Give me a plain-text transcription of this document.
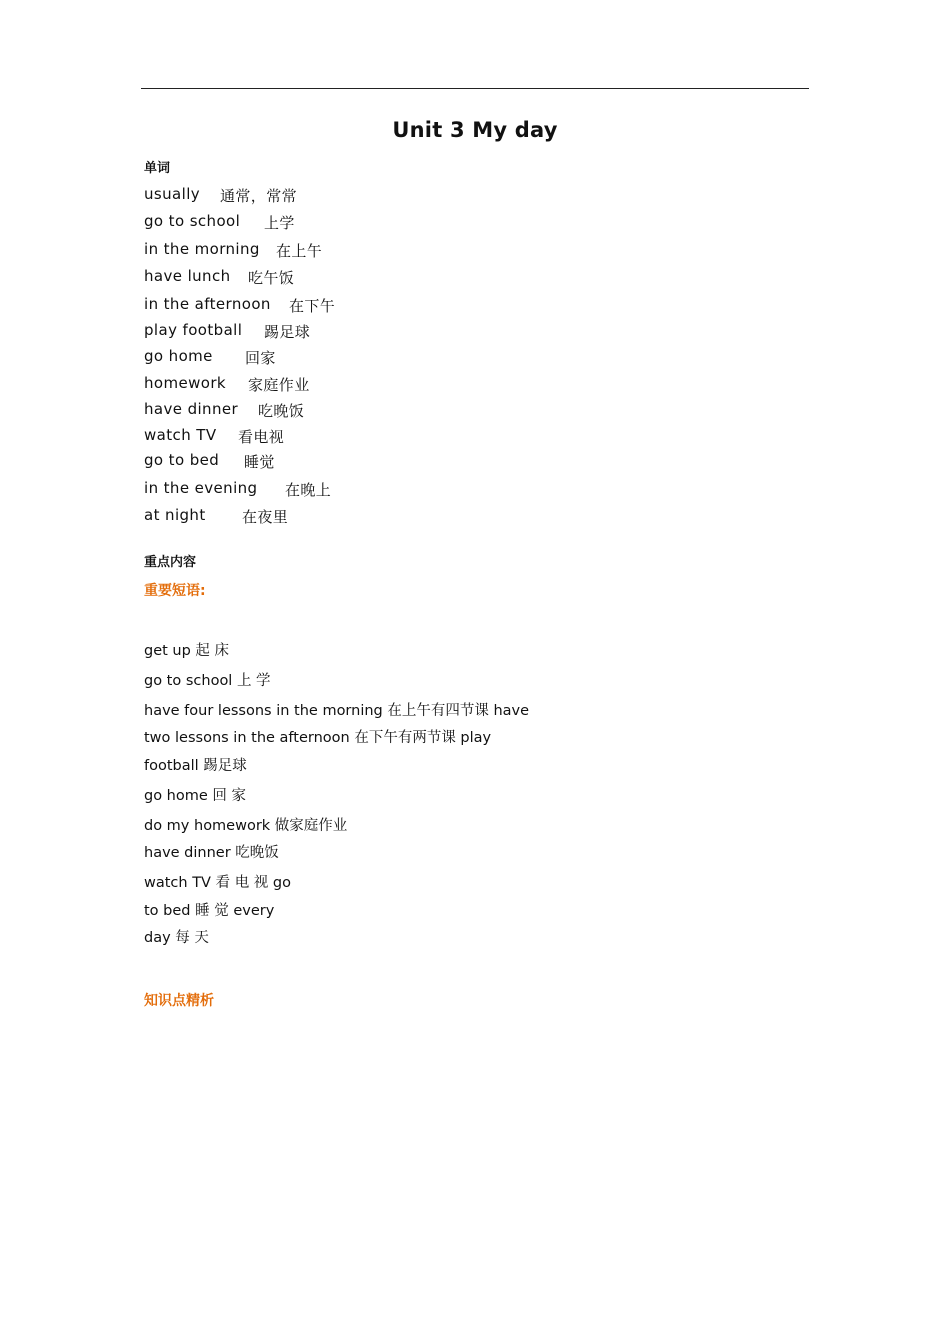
Unit 3 My day
单词
usually 通常，常常
go to school 上学
in the morning 在上午
have lunch 吃午饭
in the afternoon 在下午
play football 踢足球
go home 回家
homework 家庭作业
have dinner 吃晚饭
watch TV 看电视
go to bed 睡觉
in the evening 在晚上
at night 在夜里
重点内容
重要短语:
get up 起 床
go to school 上 学
have four lessons in the morning 在上午有四节课 have
two lessons in the afternoon 在下午有两节课 play
football 踢足球
go home 回 家
do my homework 做家庭作业
have dinner 吃晚饭
watch TV 看 电 视 go
to bed 睡 觉 every
day 每 天
知识点精析
